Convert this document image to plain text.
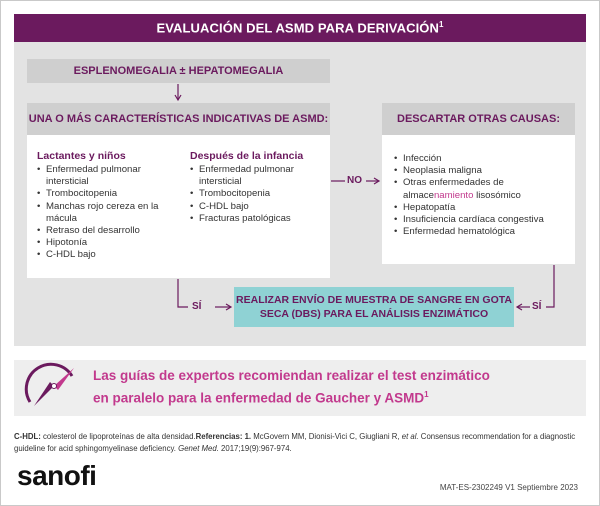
EVALUACIÓN DEL ASMD PARA DERIVACIÓN$^1$
ESPLENOMEGALIA ± HEPATOMEGALIA
UNA O MÁS CARACTERÍSTICAS INDICATIVAS DE ASMD:
Lactantes y niños
• Enfermedad pulmonar
intersticial
• Trombocitopenia
• Manchas rojo cereza en la
mácula
• Retraso del desarrollo
• Hipotonía
• C-HDL bajo
Después de la infancia
• Enfermedad pulmonar
intersticial
• Trombocitopenia
• C-HDL bajo
• Fracturas patológicas
DESCARTAR OTRAS CAUSAS:
• Infección
• Neoplasia maligna
• Otras enfermedades de
almacenamiento lisosómico
• Hepatopatía
• Insuficiencia cardíaca congestiva
• Enfermedad hematológica
NO
SÍ	SÍ
REALIZAR ENVÍO DE MUESTRA DE SANGRE EN GOTA
SECA (DBS) PARA EL ANÁLISIS ENZIMÁTICO
Las guías de expertos recomiendan realizar el test enzimático
en paralelo para la enfermedad de Gaucher y ASMD$^1$
C-HDL: colesterol de lipoproteínas de alta densidad.Referencias: 1. McGovern MM, Dionisi-Vici C, Giugliani R, et al. Consensus recommendation for a diagnostic guideline for acid sphingomyelinase deficiency. Genet Med. 2017;19(9):967-974.
sanofi	MAT-ES-2302249 V1 Septiembre 2023
